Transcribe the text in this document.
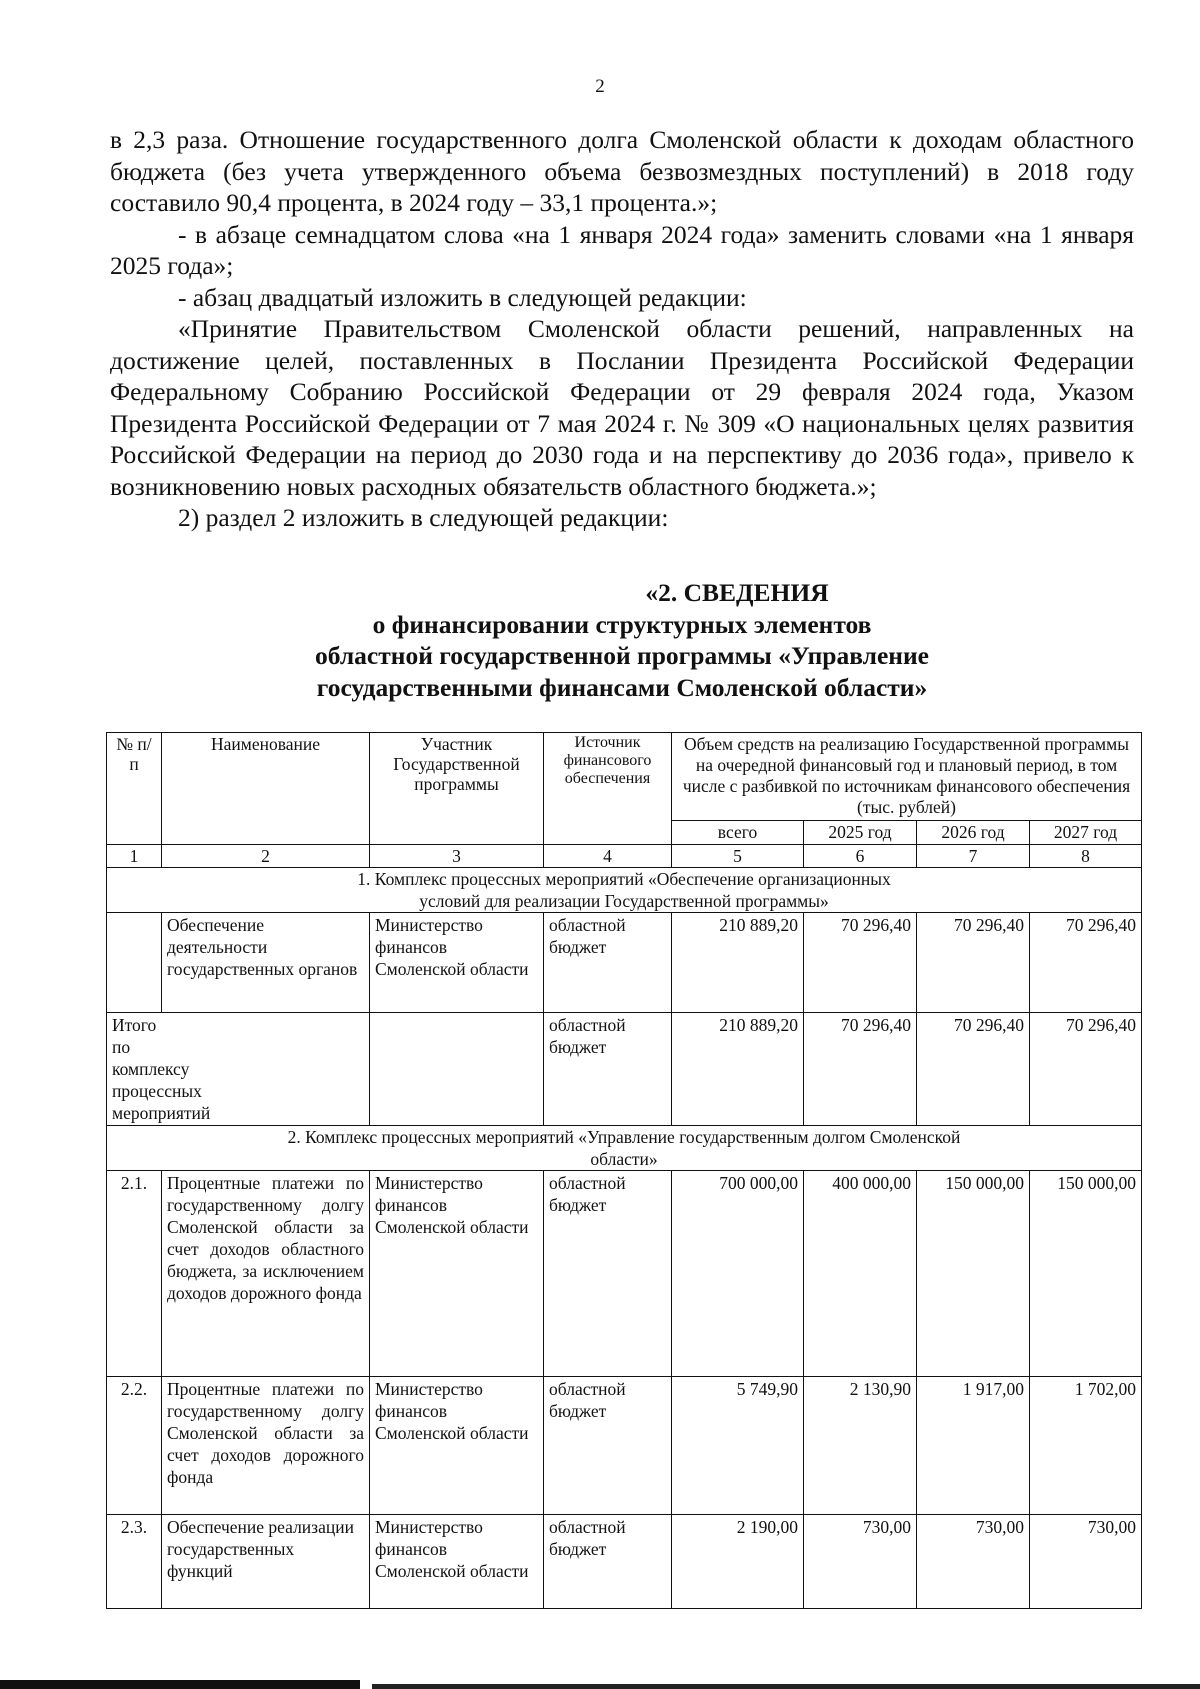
2

в 2,3 раза. Отношение государственного долга Смоленской области к доходам областного бюджета (без учета утвержденного объема безвозмездных поступлений) в 2018 году составило 90,4 процента, в 2024 году – 33,1 процента.»;

- в абзаце семнадцатом слова «на 1 января 2024 года» заменить словами «на 1 января 2025 года»;

- абзац двадцатый изложить в следующей редакции:

«Принятие Правительством Смоленской области решений, направленных на достижение целей, поставленных в Послании Президента Российской Федерации Федеральному Собранию Российской Федерации от 29 февраля 2024 года, Указом Президента Российской Федерации от 7 мая 2024 г. № 309 «О национальных целях развития Российской Федерации на период до 2030 года и на перспективу до 2036 года», привело к возникновению новых расходных обязательств областного бюджета.»;

2) раздел 2 изложить в следующей редакции:

«2. СВЕДЕНИЯ
о финансировании структурных элементов
областной государственной программы «Управление
государственными финансами Смоленской области»
№ п/п	Наименование	Участник Государственной программы	Источник финансового обеспечения	Объем средств на реализацию Государственной программы на очередной финансовый год и плановый период, в том числе с разбивкой по источникам финансового обеспечения (тыс. рублей)			
				всего	2025 год	2026 год	2027 год
1	2	3	4	5	6	7	8
1. Комплекс процессных мероприятий «Обеспечение организационных условий для реализации Государственной программы»							
	Обеспечение деятельности государственных органов	Министерство финансов Смоленской области	областной бюджет	210 889,20	70 296,40	70 296,40	70 296,40
Итого по комплексу процессных мероприятий			областной бюджет	210 889,20	70 296,40	70 296,40	70 296,40
2. Комплекс процессных мероприятий «Управление государственным долгом Смоленской области»							
2.1.	Процентные платежи по государственному долгу Смоленской области за счет доходов областного бюджета, за исключением доходов дорожного фонда	Министерство финансов Смоленской области	областной бюджет	700 000,00	400 000,00	150 000,00	150 000,00
2.2.	Процентные платежи по государственному долгу Смоленской области за счет доходов дорожного фонда	Министерство финансов Смоленской области	областной бюджет	5 749,90	2 130,90	1 917,00	1 702,00
2.3.	Обеспечение реализации государственных функций	Министерство финансов Смоленской области	областной бюджет	2 190,00	730,00	730,00	730,00
